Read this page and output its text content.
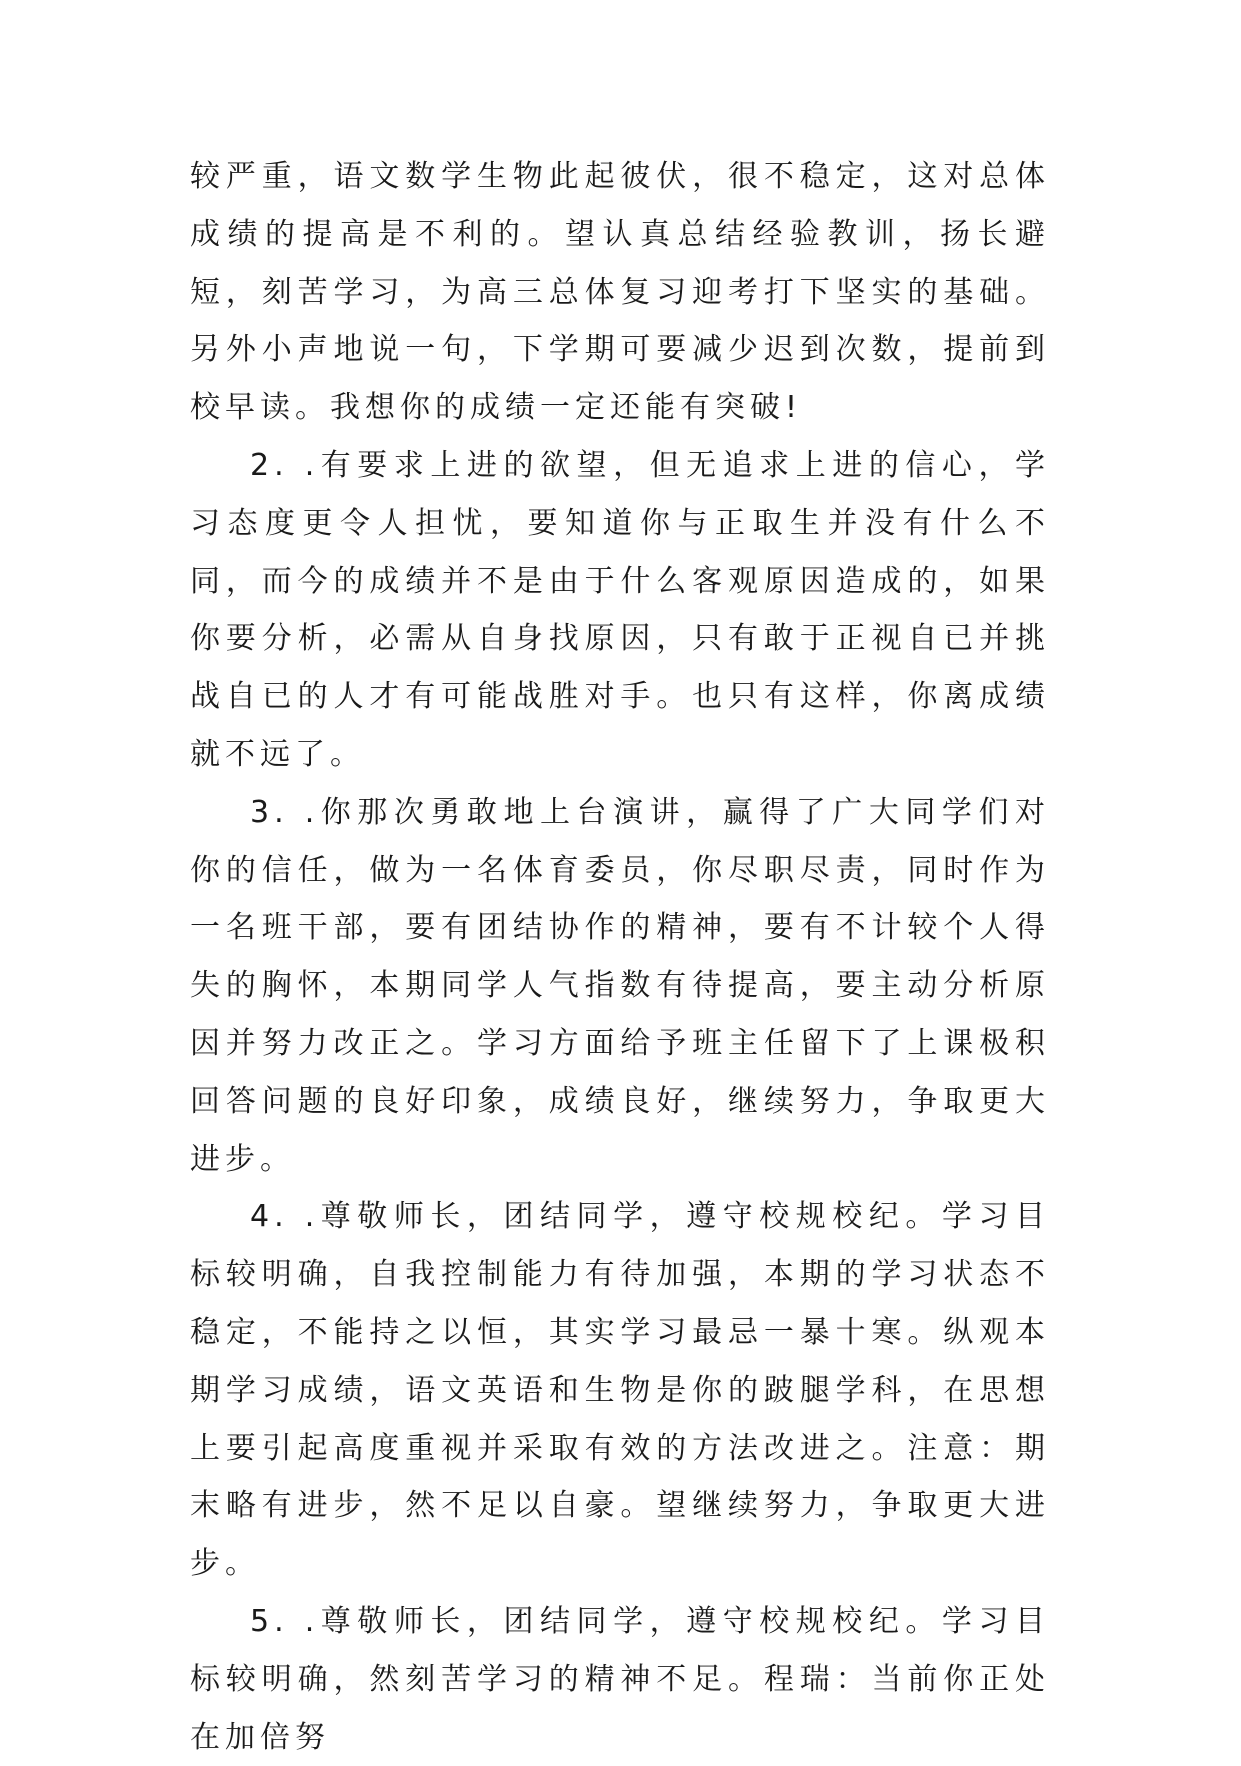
较严重，语文数学生物此起彼伏，很不稳定，这对总体成绩的提高是不利的。望认真总结经验教训，扬长避短，刻苦学习，为高三总体复习迎考打下坚实的基础。另外小声地说一句，下学期可要减少迟到次数，提前到校早读。我想你的成绩一定还能有突破!

2. .有要求上进的欲望，但无追求上进的信心，学习态度更令人担忧，要知道你与正取生并没有什么不同，而今的成绩并不是由于什么客观原因造成的，如果你要分析，必需从自身找原因，只有敢于正视自已并挑战自已的人才有可能战胜对手。也只有这样，你离成绩就不远了。

3. .你那次勇敢地上台演讲，赢得了广大同学们对你的信任，做为一名体育委员，你尽职尽责，同时作为一名班干部，要有团结协作的精神，要有不计较个人得失的胸怀，本期同学人气指数有待提高，要主动分析原因并努力改正之。学习方面给予班主任留下了上课极积回答问题的良好印象，成绩良好，继续努力，争取更大进步。

4. .尊敬师长，团结同学，遵守校规校纪。学习目标较明确，自我控制能力有待加强，本期的学习状态不稳定，不能持之以恒，其实学习最忌一暴十寒。纵观本期学习成绩，语文英语和生物是你的跛腿学科，在思想上要引起高度重视并采取有效的方法改进之。注意：期末略有进步，然不足以自豪。望继续努力，争取更大进步。

5. .尊敬师长，团结同学，遵守校规校纪。学习目标较明确，然刻苦学习的精神不足。程瑞：当前你正处在加倍努
